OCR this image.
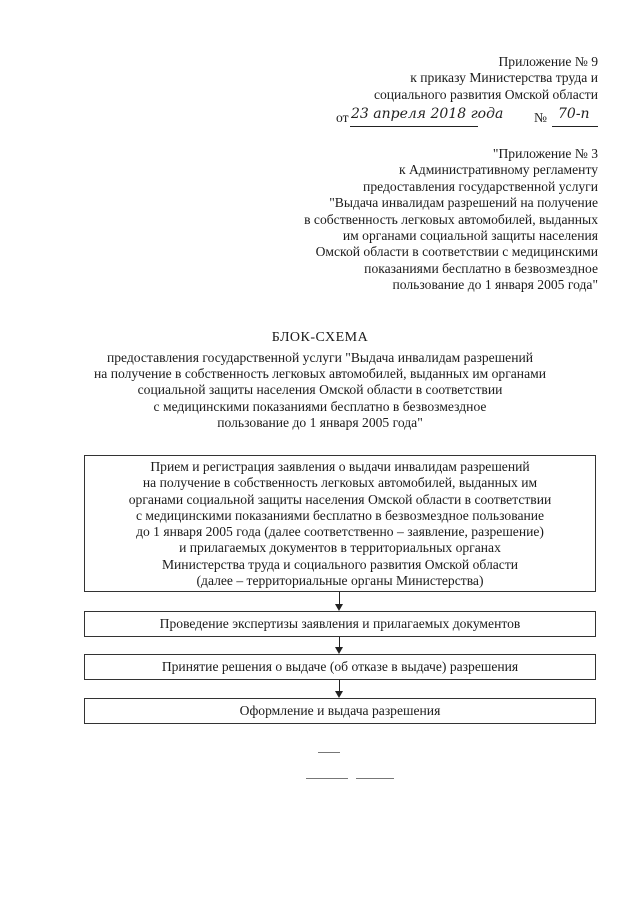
Приложение № 9
к приказу Министерства труда и
социального развития Омской области
от 23 апреля 2018 года № 70-п
"Приложение № 3
к Административному регламенту
предоставления государственной услуги
"Выдача инвалидам разрешений на получение
в собственность легковых автомобилей, выданных
им органами социальной защиты населения
Омской области в соответствии с медицинскими
показаниями бесплатно в безвозмездное
пользование до 1 января 2005 года"
БЛОК-СХЕМА
предоставления государственной услуги "Выдача инвалидам разрешений
на получение в собственность легковых автомобилей, выданных им органами
социальной защиты населения Омской области в соответствии
с медицинскими показаниями бесплатно в безвозмездное
пользование до 1 января 2005 года"
Прием и регистрация заявления о выдачи инвалидам разрешений
на получение в собственность легковых автомобилей, выданных им
органами социальной защиты населения Омской области в соответствии
с медицинскими показаниями бесплатно в безвозмездное пользование
до 1 января 2005 года (далее соответственно – заявление, разрешение)
и прилагаемых документов в территориальных органах
Министерства труда и социального развития Омской области
(далее – территориальные органы Министерства)
Проведение экспертизы заявления и прилагаемых документов
Принятие решения о выдаче (об отказе в выдаче) разрешения
Оформление и выдача разрешения
